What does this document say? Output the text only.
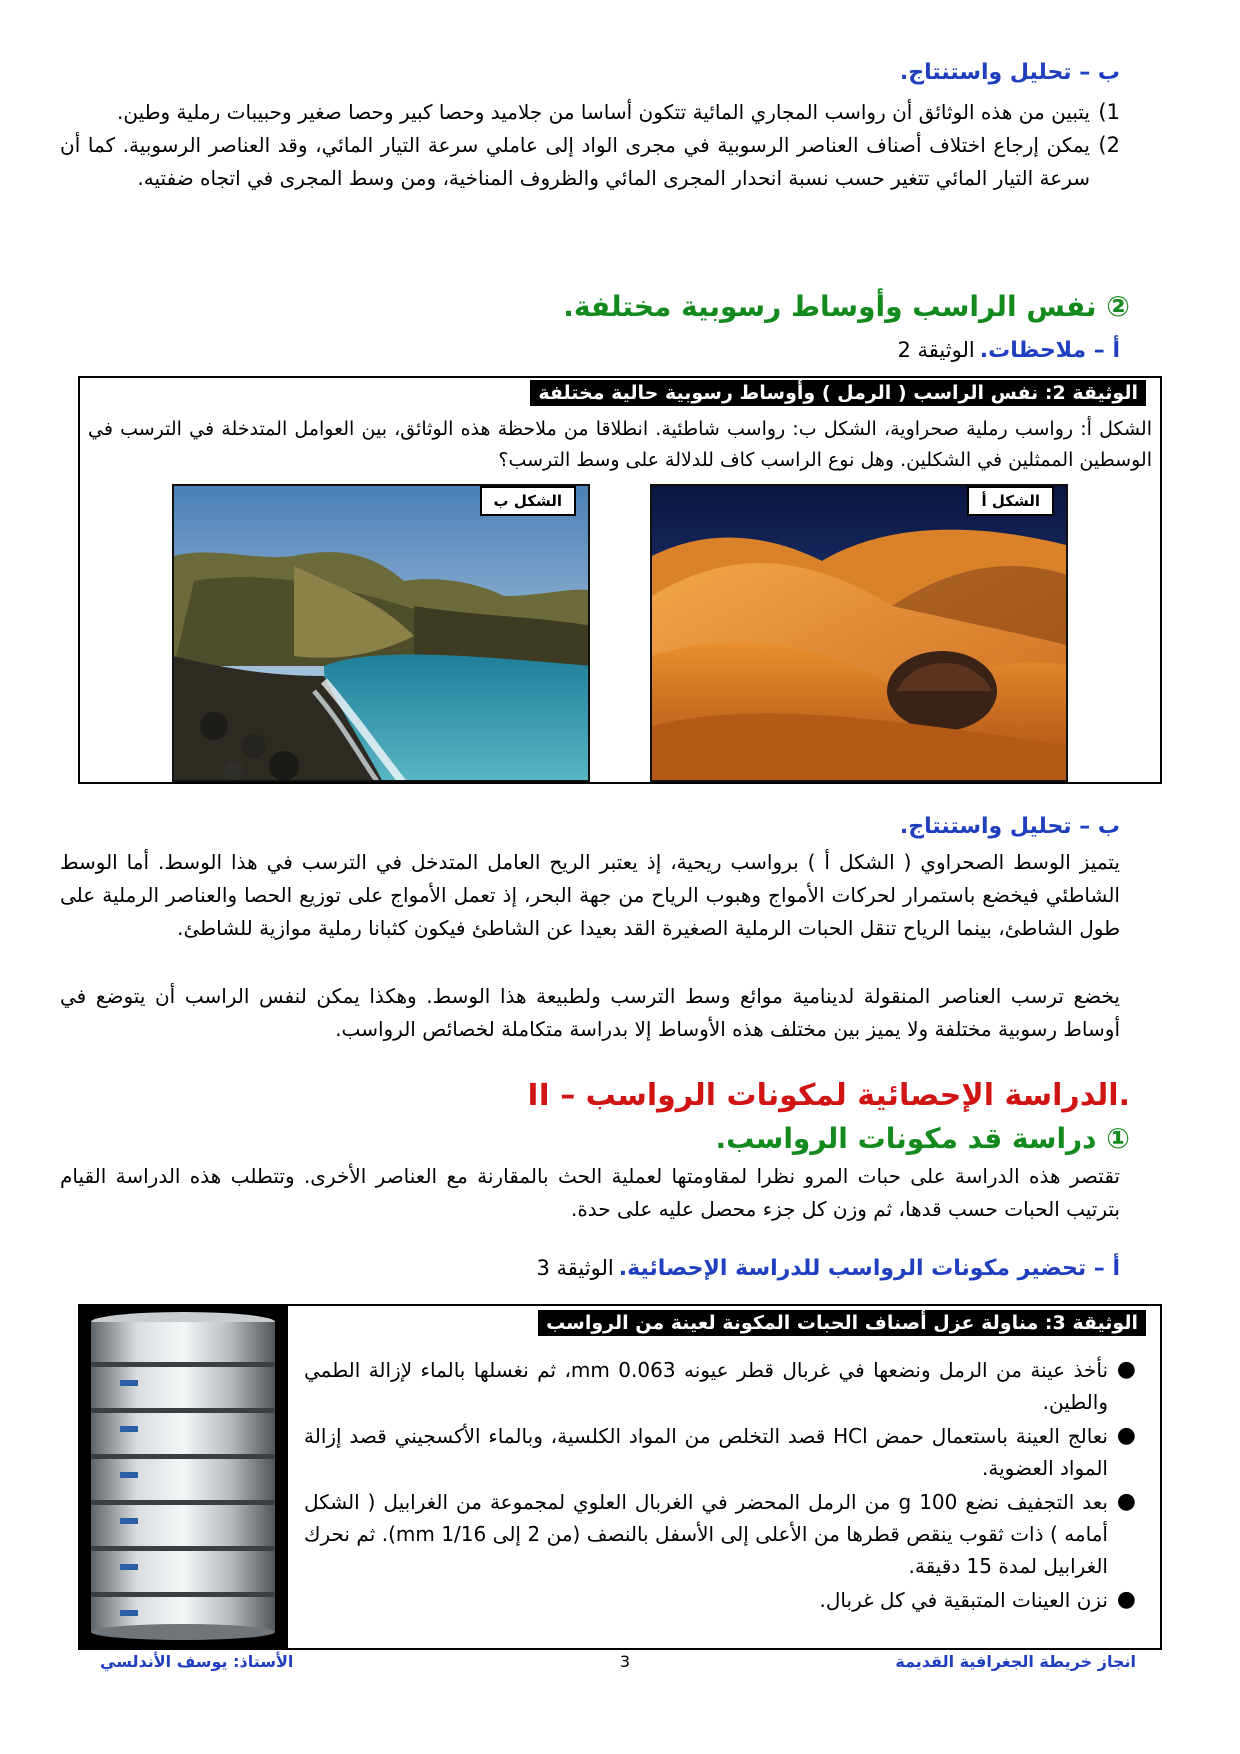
ب – تحليل واستنتاج.
1)
يتبين من هذه الوثائق أن رواسب المجاري المائية تتكون أساسا من جلاميد وحصا كبير وحصا صغير وحبيبات رملية وطين.
2)
يمكن إرجاع اختلاف أصناف العناصر الرسوبية في مجرى الواد إلى عاملي سرعة التيار المائي، وقد العناصر الرسوبية. كما أن سرعة التيار المائي تتغير حسب نسبة انحدار المجرى المائي والظروف المناخية، ومن وسط المجرى في اتجاه ضفتيه.
② نفس الراسب وأوساط رسوبية مختلفة.
أ – ملاحظات. الوثيقة 2
الوثيقة 2: نفس الراسب ( الرمل ) وأوساط رسوبية حالية مختلفة
الشكل أ: رواسب رملية صحراوية، الشكل ب: رواسب شاطئية. انطلاقا من ملاحظة هذه الوثائق، بين العوامل المتدخلة في الترسب في الوسطين الممثلين في الشكلين. وهل نوع الراسب كاف للدلالة على وسط الترسب؟
الشكل أ
الشكل ب
ب – تحليل واستنتاج.
يتميز الوسط الصحراوي ( الشكل أ ) برواسب ريحية، إذ يعتبر الريح العامل المتدخل في الترسب في هذا الوسط. أما الوسط الشاطئي فيخضع باستمرار لحركات الأمواج وهبوب الرياح من جهة البحر، إذ تعمل الأمواج على توزيع الحصا والعناصر الرملية على طول الشاطئ، بينما الرياح تنقل الحبات الرملية الصغيرة القد بعيدا عن الشاطئ فيكون كثبانا رملية موازية للشاطئ.
يخضع ترسب العناصر المنقولة لدينامية موائع وسط الترسب ولطبيعة هذا الوسط. وهكذا يمكن لنفس الراسب أن يتوضع في أوساط رسوبية مختلفة ولا يميز بين مختلف هذه الأوساط إلا بدراسة متكاملة لخصائص الرواسب.
II – الدراسة الإحصائية لمكونات الرواسب.
① دراسة قد مكونات الرواسب.
تقتصر هذه الدراسة على حبات المرو نظرا لمقاومتها لعملية الحث بالمقارنة مع العناصر الأخرى. وتتطلب هذه الدراسة القيام بترتيب الحبات حسب قدها، ثم وزن كل جزء محصل عليه على حدة.
أ – تحضير مكونات الرواسب للدراسة الإحصائية. الوثيقة 3
الوثيقة 3: مناولة عزل أصناف الحبات المكونة لعينة من الرواسب
●
نأخذ عينة من الرمل ونضعها في غربال قطر عيونه 0.063 mm، ثم نغسلها بالماء لإزالة الطمي والطين.
●
نعالج العينة باستعمال حمض HCl قصد التخلص من المواد الكلسية، وبالماء الأكسجيني قصد إزالة المواد العضوية.
●
بعد التجفيف نضع 100 g من الرمل المحضر في الغربال العلوي لمجموعة من الغرابيل ( الشكل أمامه ) ذات ثقوب ينقص قطرها من الأعلى إلى الأسفل بالنصف (من 2 إلى 1/16 mm). ثم نحرك الغرابيل لمدة 15 دقيقة.
●
نزن العينات المتبقية في كل غربال.
انجاز خريطة الجغرافية القديمة
3
الأستاذ: يوسف الأندلسي
